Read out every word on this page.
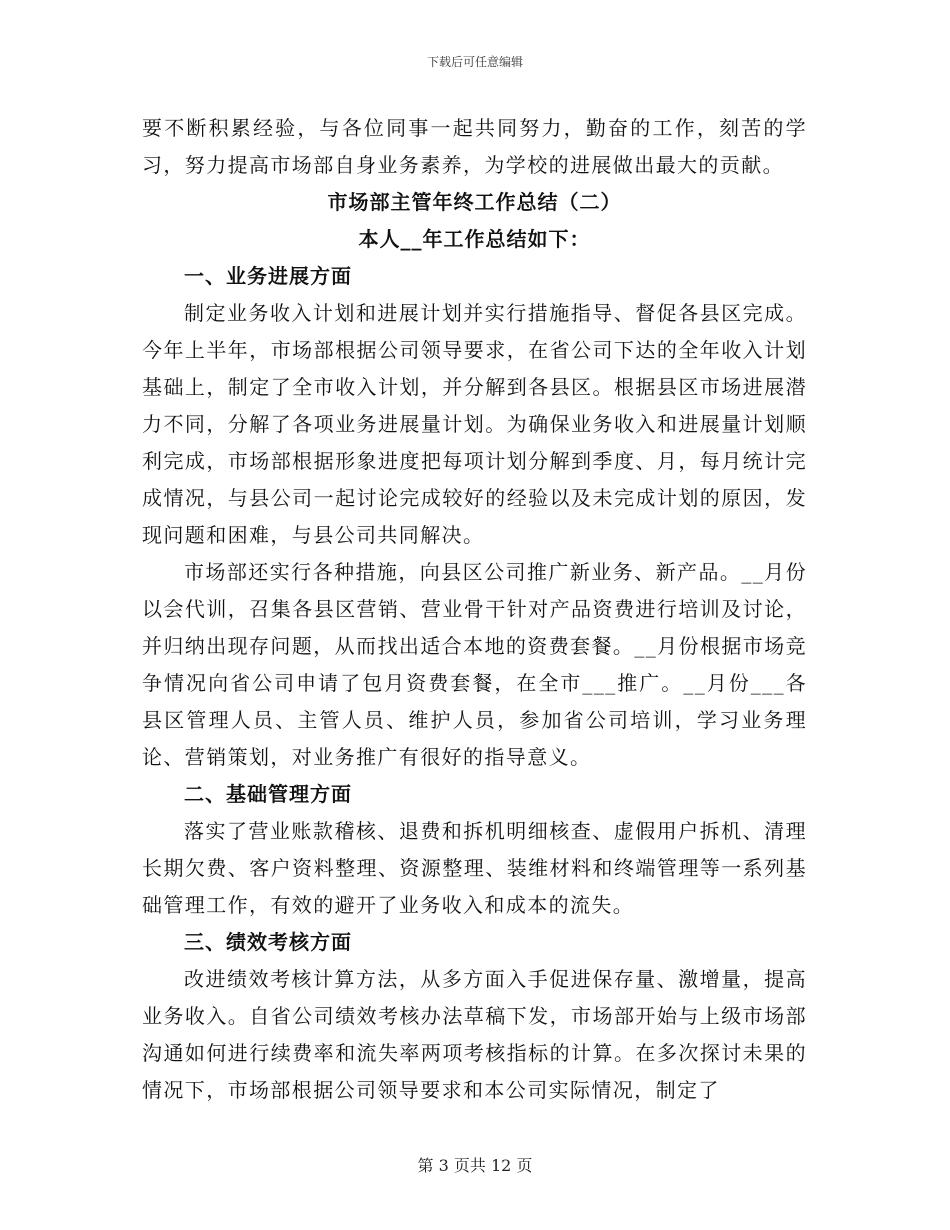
下载后可任意编辑

要不断积累经验，与各位同事一起共同努力，勤奋的工作，刻苦的学习，努力提高市场部自身业务素养，为学校的进展做出最大的贡献。

市场部主管年终工作总结（二）

本人__年工作总结如下：

一、业务进展方面

制定业务收入计划和进展计划并实行措施指导、督促各县区完成。今年上半年，市场部根据公司领导要求，在省公司下达的全年收入计划基础上，制定了全市收入计划，并分解到各县区。根据县区市场进展潜力不同，分解了各项业务进展量计划。为确保业务收入和进展量计划顺利完成，市场部根据形象进度把每项计划分解到季度、月，每月统计完成情况，与县公司一起讨论完成较好的经验以及未完成计划的原因，发现问题和困难，与县公司共同解决。

市场部还实行各种措施，向县区公司推广新业务、新产品。__月份以会代训，召集各县区营销、营业骨干针对产品资费进行培训及讨论，并归纳出现存问题，从而找出适合本地的资费套餐。__月份根据市场竞争情况向省公司申请了包月资费套餐，在全市___推广。__月份___各县区管理人员、主管人员、维护人员，参加省公司培训，学习业务理论、营销策划，对业务推广有很好的指导意义。

二、基础管理方面

落实了营业账款稽核、退费和拆机明细核查、虚假用户拆机、清理长期欠费、客户资料整理、资源整理、装维材料和终端管理等一系列基础管理工作，有效的避开了业务收入和成本的流失。

三、绩效考核方面

改进绩效考核计算方法，从多方面入手促进保存量、激增量，提高业务收入。自省公司绩效考核办法草稿下发，市场部开始与上级市场部沟通如何进行续费率和流失率两项考核指标的计算。在多次探讨未果的情况下，市场部根据公司领导要求和本公司实际情况，制定了

第 3 页共 12 页
